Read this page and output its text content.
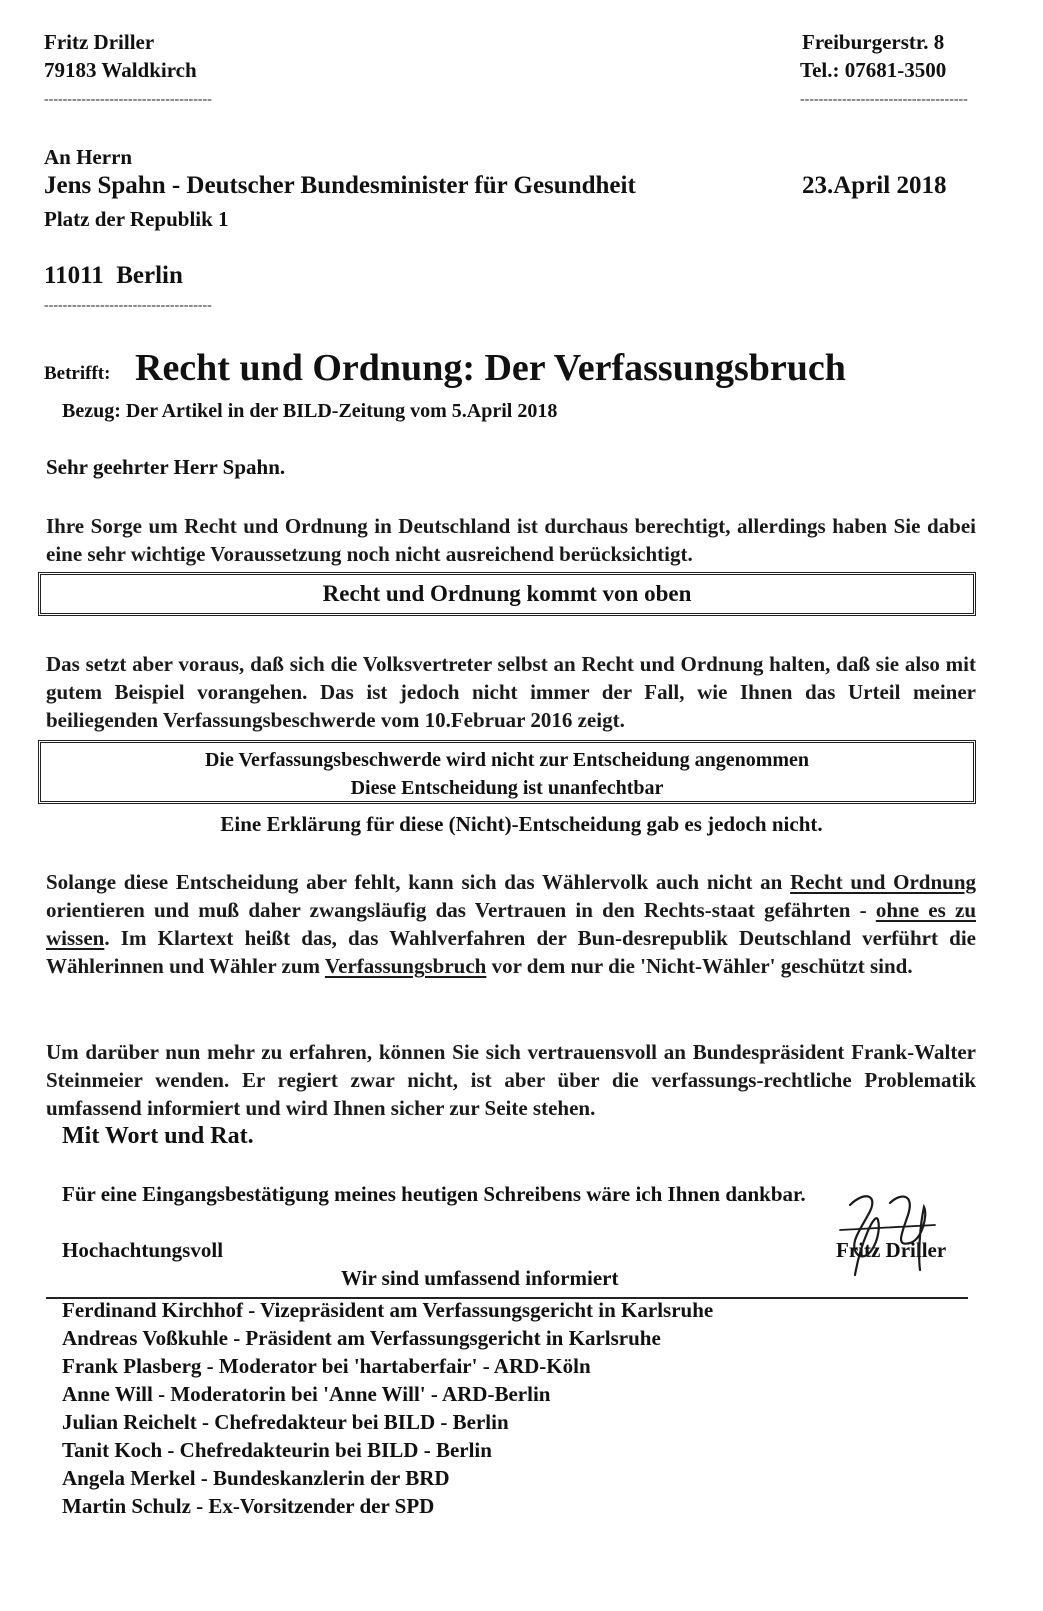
Fritz Driller
79183 Waldkirch
------------------------------------
Freiburgerstr. 8
Tel.: 07681-3500
------------------------------------
An Herrn
Jens Spahn - Deutscher Bundesminister für Gesundheit	23.April 2018
Platz der Republik 1
11011  Berlin
------------------------------------
Betrifft: Recht und Ordnung: Der Verfassungsbruch
Bezug: Der Artikel in der BILD-Zeitung vom 5.April 2018
Sehr geehrter Herr Spahn.
Ihre Sorge um Recht und Ordnung in Deutschland ist durchaus berechtigt, allerdings haben Sie dabei eine sehr wichtige Voraussetzung noch nicht ausreichend berücksichtigt.
Recht und Ordnung kommt von oben
Das setzt aber voraus, daß sich die Volksvertreter selbst an Recht und Ordnung halten, daß sie also mit gutem Beispiel vorangehen. Das ist jedoch nicht immer der Fall, wie Ihnen das Urteil meiner beiliegenden Verfassungsbeschwerde vom 10.Februar 2016 zeigt.
Die Verfassungsbeschwerde wird nicht zur Entscheidung angenommen
Diese Entscheidung ist unanfechtbar
Eine Erklärung für diese (Nicht)-Entscheidung gab es jedoch nicht.
Solange diese Entscheidung aber fehlt, kann sich das Wählervolk auch nicht an Recht und Ordnung orientieren und muß daher zwangsläufig das Vertrauen in den Rechts-staat gefährten - ohne es zu wissen. Im Klartext heißt das, das Wahlverfahren der Bun-desrepublik Deutschland verführt die Wählerinnen und Wähler zum Verfassungsbruch vor dem nur die 'Nicht-Wähler' geschützt sind.
Um darüber nun mehr zu erfahren, können Sie sich vertrauensvoll an Bundespräsident Frank-Walter Steinmeier wenden. Er regiert zwar nicht, ist aber über die verfassungs-rechtliche Problematik umfassend informiert und wird Ihnen sicher zur Seite stehen.
Mit Wort und Rat.
Für eine Eingangsbestätigung meines heutigen Schreibens wäre ich Ihnen dankbar.
Hochachtungsvoll	Fritz Driller
Wir sind umfassend informiert
Ferdinand Kirchhof - Vizepräsident am Verfassungsgericht in Karlsruhe
Andreas Voßkuhle - Präsident am Verfassungsgericht in Karlsruhe
Frank Plasberg - Moderator bei 'hartaberfair' - ARD-Köln
Anne Will - Moderatorin bei 'Anne Will' - ARD-Berlin
Julian Reichelt - Chefredakteur bei BILD - Berlin
Tanit Koch - Chefredakteurin bei BILD - Berlin
Angela Merkel - Bundeskanzlerin der BRD
Martin Schulz - Ex-Vorsitzender der SPD
